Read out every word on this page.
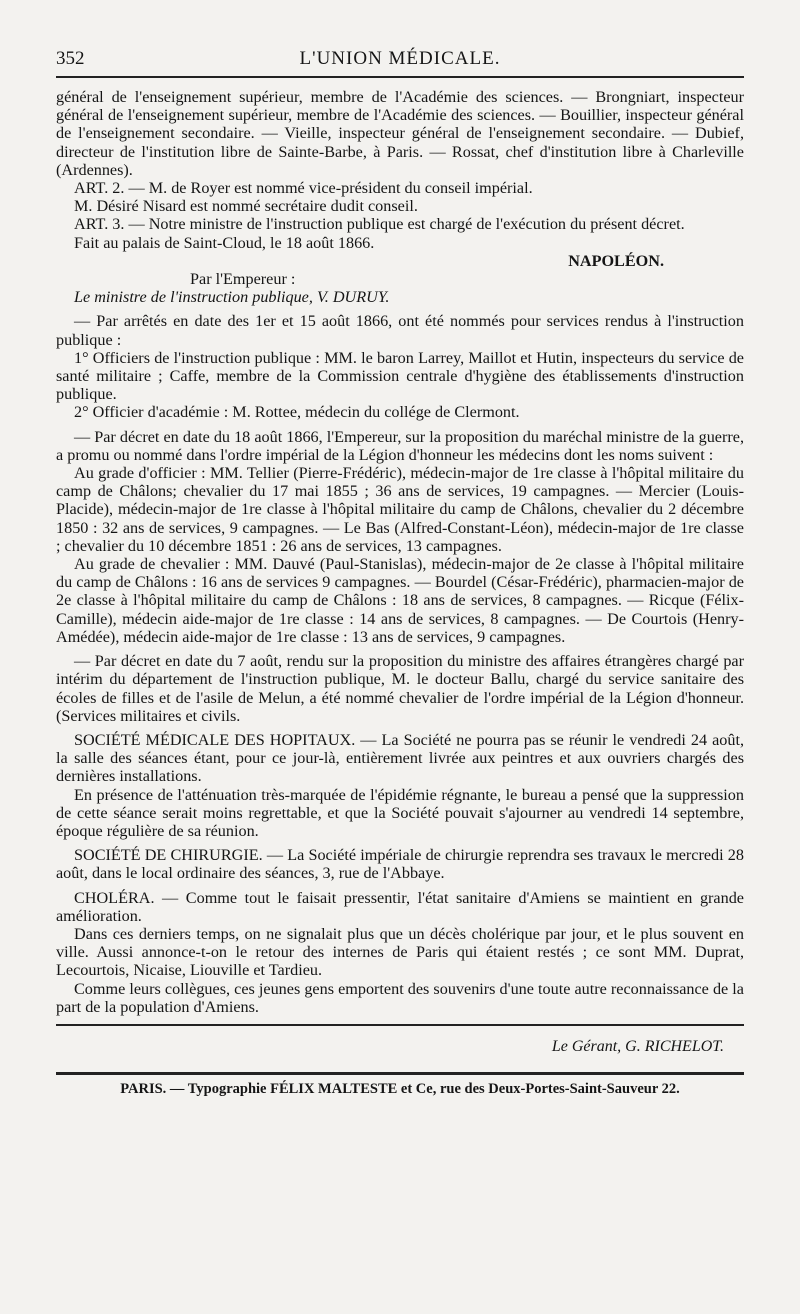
352	L'UNION MÉDICALE.

général de l'enseignement supérieur, membre de l'Académie des sciences. — Brongniart, inspecteur général de l'enseignement supérieur, membre de l'Académie des sciences. — Bouillier, inspecteur général de l'enseignement secondaire. — Vieille, inspecteur général de l'enseignement secondaire. — Dubief, directeur de l'institution libre de Sainte-Barbe, à Paris. — Rossat, chef d'institution libre à Charleville (Ardennes).

ART. 2. — M. de Royer est nommé vice-président du conseil impérial.

M. Désiré Nisard est nommé secrétaire dudit conseil.

ART. 3. — Notre ministre de l'instruction publique est chargé de l'exécution du présent décret.

Fait au palais de Saint-Cloud, le 18 août 1866.

NAPOLÉON.

Par l'Empereur :

Le ministre de l'instruction publique, V. DURUY.

— Par arrêtés en date des 1er et 15 août 1866, ont été nommés pour services rendus à l'instruction publique :

1° Officiers de l'instruction publique : MM. le baron Larrey, Maillot et Hutin, inspecteurs du service de santé militaire ; Caffe, membre de la Commission centrale d'hygiène des établissements d'instruction publique.

2° Officier d'académie : M. Rottee, médecin du collége de Clermont.

— Par décret en date du 18 août 1866, l'Empereur, sur la proposition du maréchal ministre de la guerre, a promu ou nommé dans l'ordre impérial de la Légion d'honneur les médecins dont les noms suivent :

Au grade d'officier : MM. Tellier (Pierre-Frédéric), médecin-major de 1re classe à l'hôpital militaire du camp de Châlons; chevalier du 17 mai 1855 ; 36 ans de services, 19 campagnes. — Mercier (Louis-Placide), médecin-major de 1re classe à l'hôpital militaire du camp de Châlons, chevalier du 2 décembre 1850 : 32 ans de services, 9 campagnes. — Le Bas (Alfred-Constant-Léon), médecin-major de 1re classe ; chevalier du 10 décembre 1851 : 26 ans de services, 13 campagnes.

Au grade de chevalier : MM. Dauvé (Paul-Stanislas), médecin-major de 2e classe à l'hôpital militaire du camp de Châlons : 16 ans de services 9 campagnes. — Bourdel (César-Frédéric), pharmacien-major de 2e classe à l'hôpital militaire du camp de Châlons : 18 ans de services, 8 campagnes. — Ricque (Félix-Camille), médecin aide-major de 1re classe : 14 ans de services, 8 campagnes. — De Courtois (Henry-Amédée), médecin aide-major de 1re classe : 13 ans de services, 9 campagnes.

— Par décret en date du 7 août, rendu sur la proposition du ministre des affaires étrangères chargé par intérim du département de l'instruction publique, M. le docteur Ballu, chargé du service sanitaire des écoles de filles et de l'asile de Melun, a été nommé chevalier de l'ordre impérial de la Légion d'honneur. (Services militaires et civils.

SOCIÉTÉ MÉDICALE DES HOPITAUX. — La Société ne pourra pas se réunir le vendredi 24 août, la salle des séances étant, pour ce jour-là, entièrement livrée aux peintres et aux ouvriers chargés des dernières installations.

En présence de l'atténuation très-marquée de l'épidémie régnante, le bureau a pensé que la suppression de cette séance serait moins regrettable, et que la Société pouvait s'ajourner au vendredi 14 septembre, époque régulière de sa réunion.

SOCIÉTÉ DE CHIRURGIE. — La Société impériale de chirurgie reprendra ses travaux le mercredi 28 août, dans le local ordinaire des séances, 3, rue de l'Abbaye.

CHOLÉRA. — Comme tout le faisait pressentir, l'état sanitaire d'Amiens se maintient en grande amélioration.

Dans ces derniers temps, on ne signalait plus que un décès cholérique par jour, et le plus souvent en ville. Aussi annonce-t-on le retour des internes de Paris qui étaient restés ; ce sont MM. Duprat, Lecourtois, Nicaise, Liouville et Tardieu.

Comme leurs collègues, ces jeunes gens emportent des souvenirs d'une toute autre reconnaissance de la part de la population d'Amiens.

Le Gérant, G. RICHELOT.

PARIS. — Typographie FÉLIX MALTESTE et Ce, rue des Deux-Portes-Saint-Sauveur 22.
